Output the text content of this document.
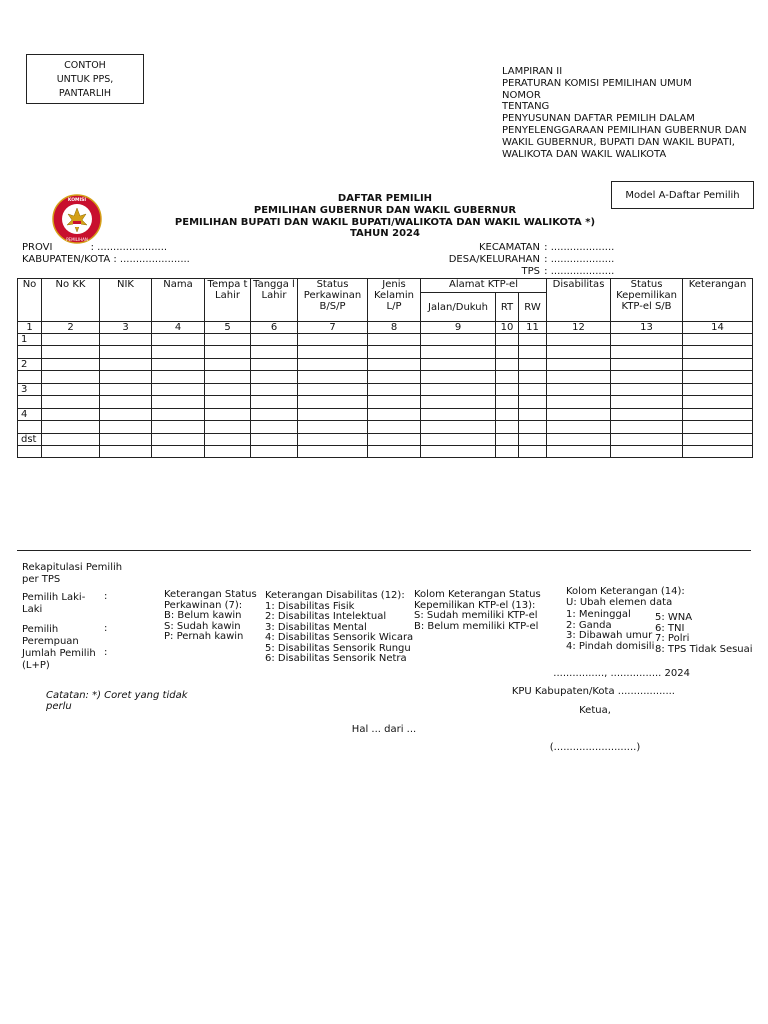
CONTOH
UNTUK PPS,
PANTARLIH
LAMPIRAN II
PERATURAN KOMISI PEMILIHAN UMUM
NOMOR
TENTANG
PENYUSUNAN DAFTAR PEMILIH DALAM
PENYELENGGARAAN PEMILIHAN GUBERNUR DAN
WAKIL GUBERNUR, BUPATI DAN WAKIL BUPATI,
WALIKOTA DAN WAKIL WALIKOTA
Model A-Daftar Pemilih
KOMISI
PEMILIHAN
DAFTAR PEMILIH
PEMILIHAN GUBERNUR DAN WAKIL GUBERNUR
PEMILIHAN BUPATI DAN WAKIL BUPATI/WALIKOTA DAN WAKIL WALIKOTA *)
TAHUN 2024
PROVI            : ......................
KABUPATEN/KOTA : ......................
KECAMATAN : ....................
DESA/KELURAHAN : ....................
TPS : ....................
No	No KK	NIK	Nama	Tempa t Lahir	Tangga l Lahir	Status Perkawinan B/S/P	Jenis Kelamin L/P	Alamat KTP-el			Disabilitas	Status Kepemilikan KTP-el S/B	Keterangan
								Jalan/Dukuh	RT	RW			
1	2	3	4	5	6	7	8	9	10	11	12	13	14
1													

2													

3													

4													

dst													

Rekapitulasi Pemilih per TPS
Pemilih Laki-Laki
:
Pemilih Perempuan
:
Jumlah Pemilih (L+P)
:
Keterangan Status
Perkawinan (7):
B: Belum kawin
S: Sudah kawin
P: Pernah kawin
Keterangan Disabilitas (12):
1: Disabilitas Fisik
2: Disabilitas Intelektual
3: Disabilitas Mental
4: Disabilitas Sensorik Wicara
5: Disabilitas Sensorik Rungu
6: Disabilitas Sensorik Netra
Kolom Keterangan Status
Kepemilikan KTP-el (13):
S: Sudah memiliki KTP-el
B: Belum memiliki KTP-el
Kolom Keterangan (14):
U: Ubah elemen data
1: Meninggal
2: Ganda
3: Dibawah umur
4: Pindah domisili
5: WNA
6: TNI
7: Polri
8: TPS Tidak Sesuai
................, ................ 2024
KPU Kabupaten/Kota ..................
Ketua,
(..........................)
Catatan: *) Coret yang tidak perlu
Hal ... dari ...
